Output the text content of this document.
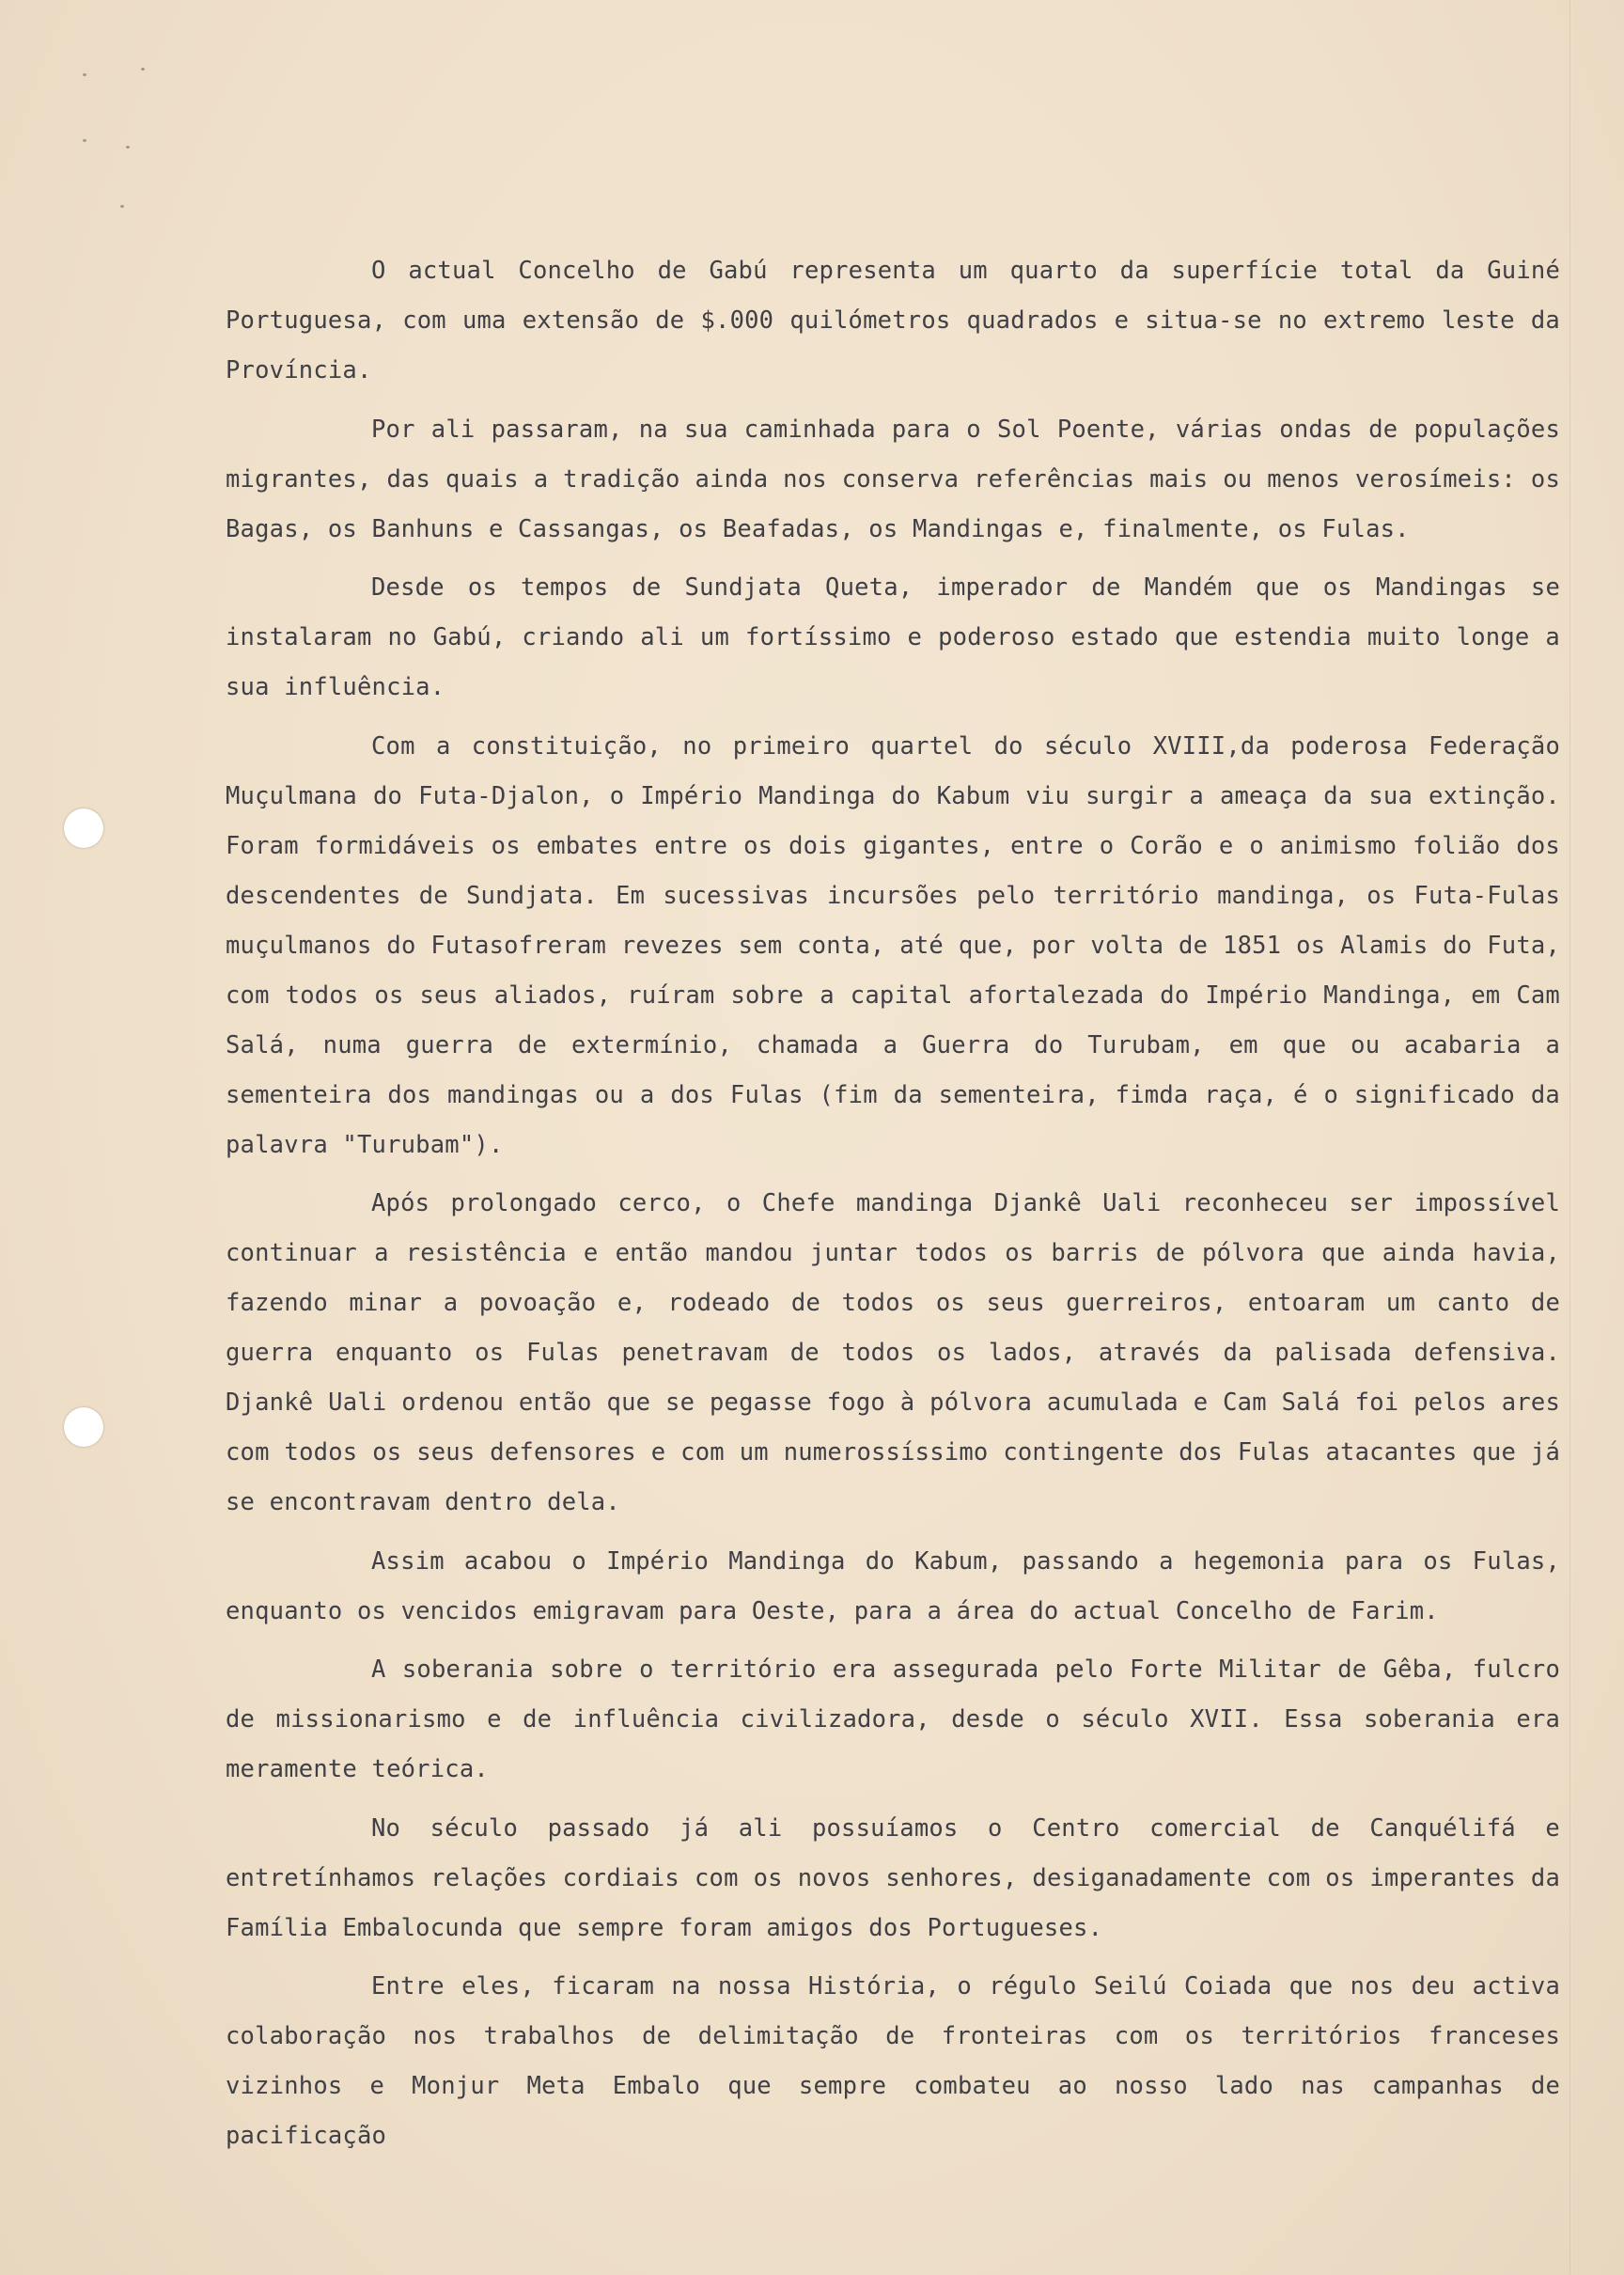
O actual Concelho de Gabú representa um quarto da superfície total da Guiné Portuguesa, com uma extensão de $.000 quilómetros quadrados e situa-se no extremo leste da Província.

Por ali passaram, na sua caminhada para o Sol Poente, várias ondas de populações migrantes, das quais a tradição ainda nos conserva referências mais ou menos verosímeis: os Bagas, os Banhuns e Cassangas, os Beafadas, os Mandingas e, finalmente, os Fulas.

Desde os tempos de Sundjata Queta, imperador de Mandém que os Mandingas se instalaram no Gabú, criando ali um fortíssimo e poderoso estado que estendia muito longe a sua influência.

Com a constituição, no primeiro quartel do século XVIII,da poderosa Federação Muçulmana do Futa-Djalon, o Império Mandinga do Kabum viu surgir a ameaça da sua extinção. Foram formidáveis os embates entre os dois gigantes, entre o Corão e o animismo folião dos descendentes de Sundjata. Em sucessivas incursões pelo território mandinga, os Futa-Fulas muçulmanos do Futasofreram revezes sem conta, até que, por volta de 1851 os Alamis do Futa, com todos os seus aliados, ruíram sobre a capital afortalezada do Império Mandinga, em Cam Salá, numa guerra de extermínio, chamada a Guerra do Turubam, em que ou acabaria a sementeira dos mandingas ou a dos Fulas (fim da sementeira, fimda raça, é o significado da palavra "Turubam").

Após prolongado cerco, o Chefe mandinga Djankê Uali reconheceu ser impossível continuar a resistência e então mandou juntar todos os barris de pólvora que ainda havia, fazendo minar a povoação e, rodeado de todos os seus guerreiros, entoaram um canto de guerra enquanto os Fulas penetravam de todos os lados, através da palisada defensiva. Djankê Uali ordenou então que se pegasse fogo à pólvora acumulada e Cam Salá foi pelos ares com todos os seus defensores e com um numerossíssimo contingente dos Fulas atacantes que já se encontravam dentro dela.

Assim acabou o Império Mandinga do Kabum, passando a hegemonia para os Fulas, enquanto os vencidos emigravam para Oeste, para a área do actual Concelho de Farim.

A soberania sobre o território era assegurada pelo Forte Militar de Gêba, fulcro de missionarismo e de influência civilizadora, desde o século XVII. Essa soberania era meramente teórica.

No século passado já ali possuíamos o Centro comercial de Canquélifá e entretínhamos relações cordiais com os novos senhores, desiganadamente com os imperantes da Família Embalocunda que sempre foram amigos dos Portugueses.

Entre eles, ficaram na nossa História, o régulo Seilú Coiada que nos deu activa colaboração nos trabalhos de delimitação de fronteiras com os territórios franceses vizinhos e Monjur Meta Embalo que sempre combateu ao nosso lado nas campanhas de pacificação
